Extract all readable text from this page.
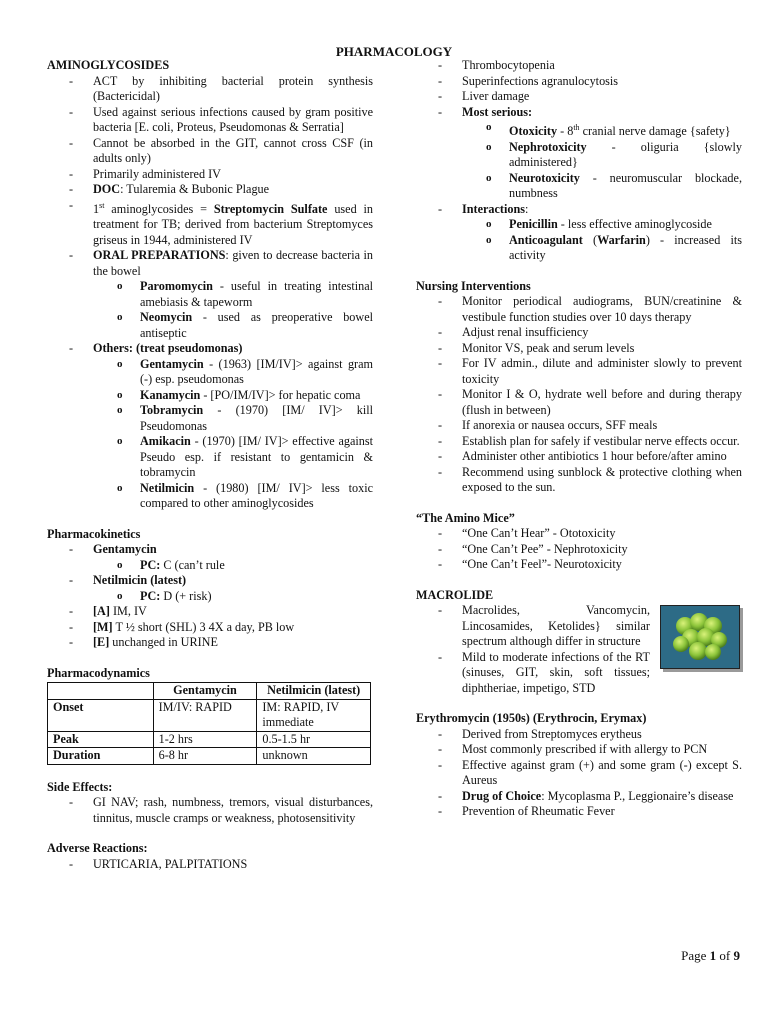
PHARMACOLOGY

AMINOGLYCOSIDES

- ACT by inhibiting bacterial protein synthesis (Bactericidal)
- Used against serious infections caused by gram positive bacteria [E. coli, Proteus, Pseudomonas & Serratia]
- Cannot be absorbed in the GIT, cannot cross CSF (in adults only)
- Primarily administered IV
- DOC: Tularemia & Bubonic Plague
- 1st aminoglycosides = Streptomycin Sulfate used in treatment for TB; derived from bacterium Streptomyces griseus in 1944, administered IV
- ORAL PREPARATIONS: given to decrease bacteria in the bowel
o Paromomycin - useful in treating intestinal amebiasis & tapeworm
o Neomycin - used as preoperative bowel antiseptic
- Others: (treat pseudomonas)
o Gentamycin - (1963) [IM/IV]> against gram (-) esp. pseudomonas
o Kanamycin - [PO/IM/IV]> for hepatic coma
o Tobramycin - (1970) [IM/ IV]> kill Pseudomonas
o Amikacin - (1970) [IM/ IV]> effective against Pseudo esp. if resistant to gentamicin & tobramycin
o Netilmicin - (1980) [IM/ IV]> less toxic compared to other aminoglycosides

Pharmacokinetics

- Gentamycin
o PC: C (can’t rule
- Netilmicin (latest)
o PC: D (+ risk)
- [A] IM, IV
- [M] T ½ short (SHL) 3 4X a day, PB low
- [E] unchanged in URINE

Pharmacodynamics

	Gentamycin	Netilmicin (latest)
Onset	IM/IV: RAPID	IM: RAPID, IV immediate
Peak	1-2 hrs	0.5-1.5 hr
Duration	6-8 hr	unknown

Side Effects:

- GI NAV; rash, numbness, tremors, visual disturbances, tinnitus, muscle cramps or weakness, photosensitivity

Adverse Reactions:

- URTICARIA, PALPITATIONS
- Thrombocytopenia
- Superinfections agranulocytosis
- Liver damage
- Most serious:
o Otoxicity - 8th cranial nerve damage {safety}
o Nephrotoxicity - oliguria {slowly administered}
o Neurotoxicity - neuromuscular blockade, numbness
- Interactions:
o Penicillin - less effective aminoglycoside
o Anticoagulant (Warfarin) - increased its activity

Nursing Interventions

- Monitor periodical audiograms, BUN/creatinine & vestibule function studies over 10 days therapy
- Adjust renal insufficiency
- Monitor VS, peak and serum levels
- For IV admin., dilute and administer slowly to prevent toxicity
- Monitor I & O, hydrate well before and during therapy (flush in between)
- If anorexia or nausea occurs, SFF meals
- Establish plan for safely if vestibular nerve effects occur.
- Administer other antibiotics 1 hour before/after amino
- Recommend using sunblock & protective clothing when exposed to the sun.

“The Amino Mice”

- “One Can’t Hear” - Ototoxicity
- “One Can’t Pee” - Nephrotoxicity
- “One Can’t Feel”- Neurotoxicity

MACROLIDE

- Macrolides, Vancomycin, Lincosamides, Ketolides} similar spectrum although differ in structure
- Mild to moderate infections of the RT (sinuses, GIT, skin, soft tissues; diphtheriae, impetigo, STD

Erythromycin (1950s) (Erythrocin, Erymax)

- Derived from Streptomyces erytheus
- Most commonly prescribed if with allergy to PCN
- Effective against gram (+) and some gram (-) except S. Aureus
- Drug of Choice: Mycoplasma P., Leggionaire’s disease
- Prevention of Rheumatic Fever
Page 1 of 9
